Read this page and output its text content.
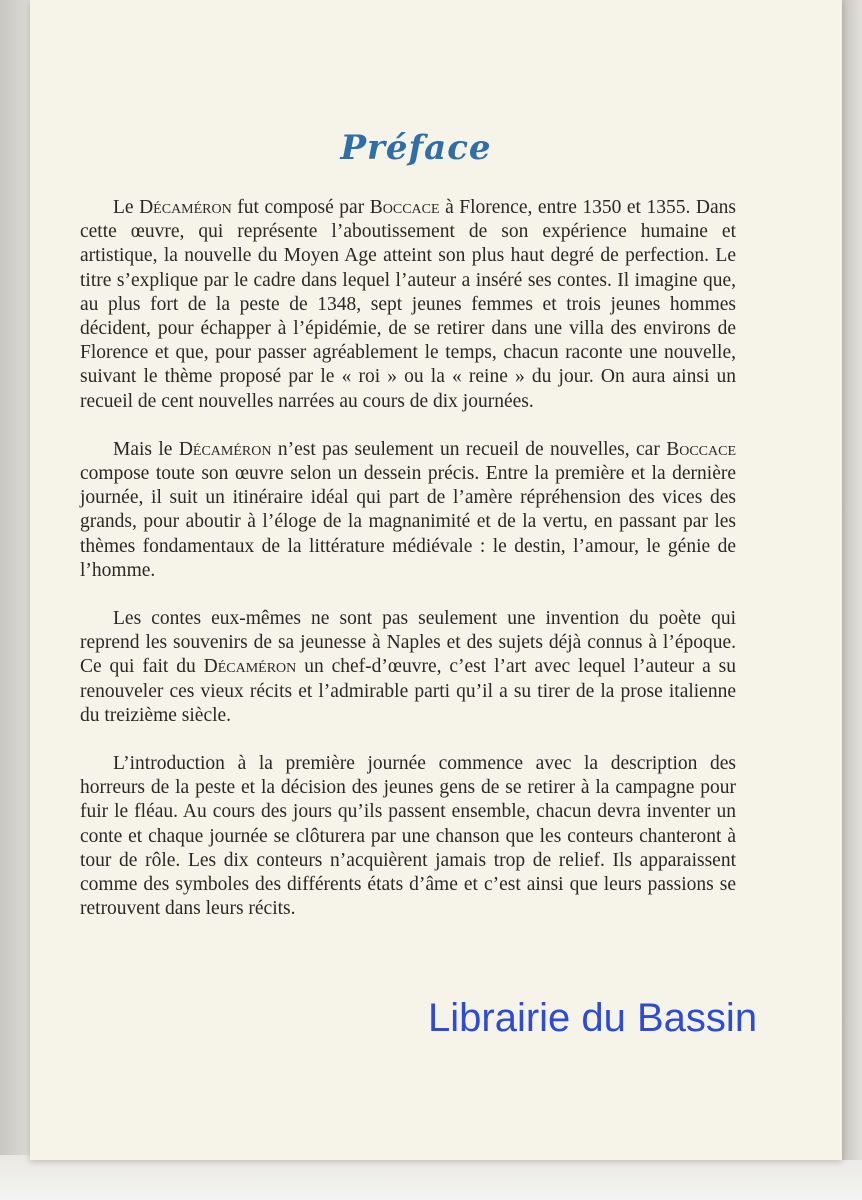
Préface

Le Décaméron fut composé par Boccace à Florence, entre 1350 et 1355. Dans cette œuvre, qui représente l’aboutissement de son expérience humaine et artistique, la nouvelle du Moyen Age atteint son plus haut degré de perfection. Le titre s’explique par le cadre dans lequel l’auteur a inséré ses contes. Il imagine que, au plus fort de la peste de 1348, sept jeunes femmes et trois jeunes hommes décident, pour échapper à l’épidémie, de se retirer dans une villa des environs de Florence et que, pour passer agréablement le temps, chacun raconte une nouvelle, suivant le thème proposé par le « roi » ou la « reine » du jour. On aura ainsi un recueil de cent nouvelles narrées au cours de dix journées.

Mais le Décaméron n’est pas seulement un recueil de nouvelles, car Boccace compose toute son œuvre selon un dessein précis. Entre la première et la dernière journée, il suit un itinéraire idéal qui part de l’amère répréhension des vices des grands, pour aboutir à l’éloge de la magnanimité et de la vertu, en passant par les thèmes fondamentaux de la littérature médiévale : le destin, l’amour, le génie de l’homme.

Les contes eux-mêmes ne sont pas seulement une invention du poète qui reprend les souvenirs de sa jeunesse à Naples et des sujets déjà connus à l’époque. Ce qui fait du Décaméron un chef-d’œuvre, c’est l’art avec lequel l’auteur a su renouveler ces vieux récits et l’admirable parti qu’il a su tirer de la prose italienne du treizième siècle.

L’introduction à la première journée commence avec la description des horreurs de la peste et la décision des jeunes gens de se retirer à la campagne pour fuir le fléau. Au cours des jours qu’ils passent ensemble, chacun devra inventer un conte et chaque journée se clôturera par une chanson que les conteurs chanteront à tour de rôle. Les dix conteurs n’acquièrent jamais trop de relief. Ils apparaissent comme des symboles des différents états d’âme et c’est ainsi que leurs passions se retrouvent dans leurs récits.

Librairie du Bassin
